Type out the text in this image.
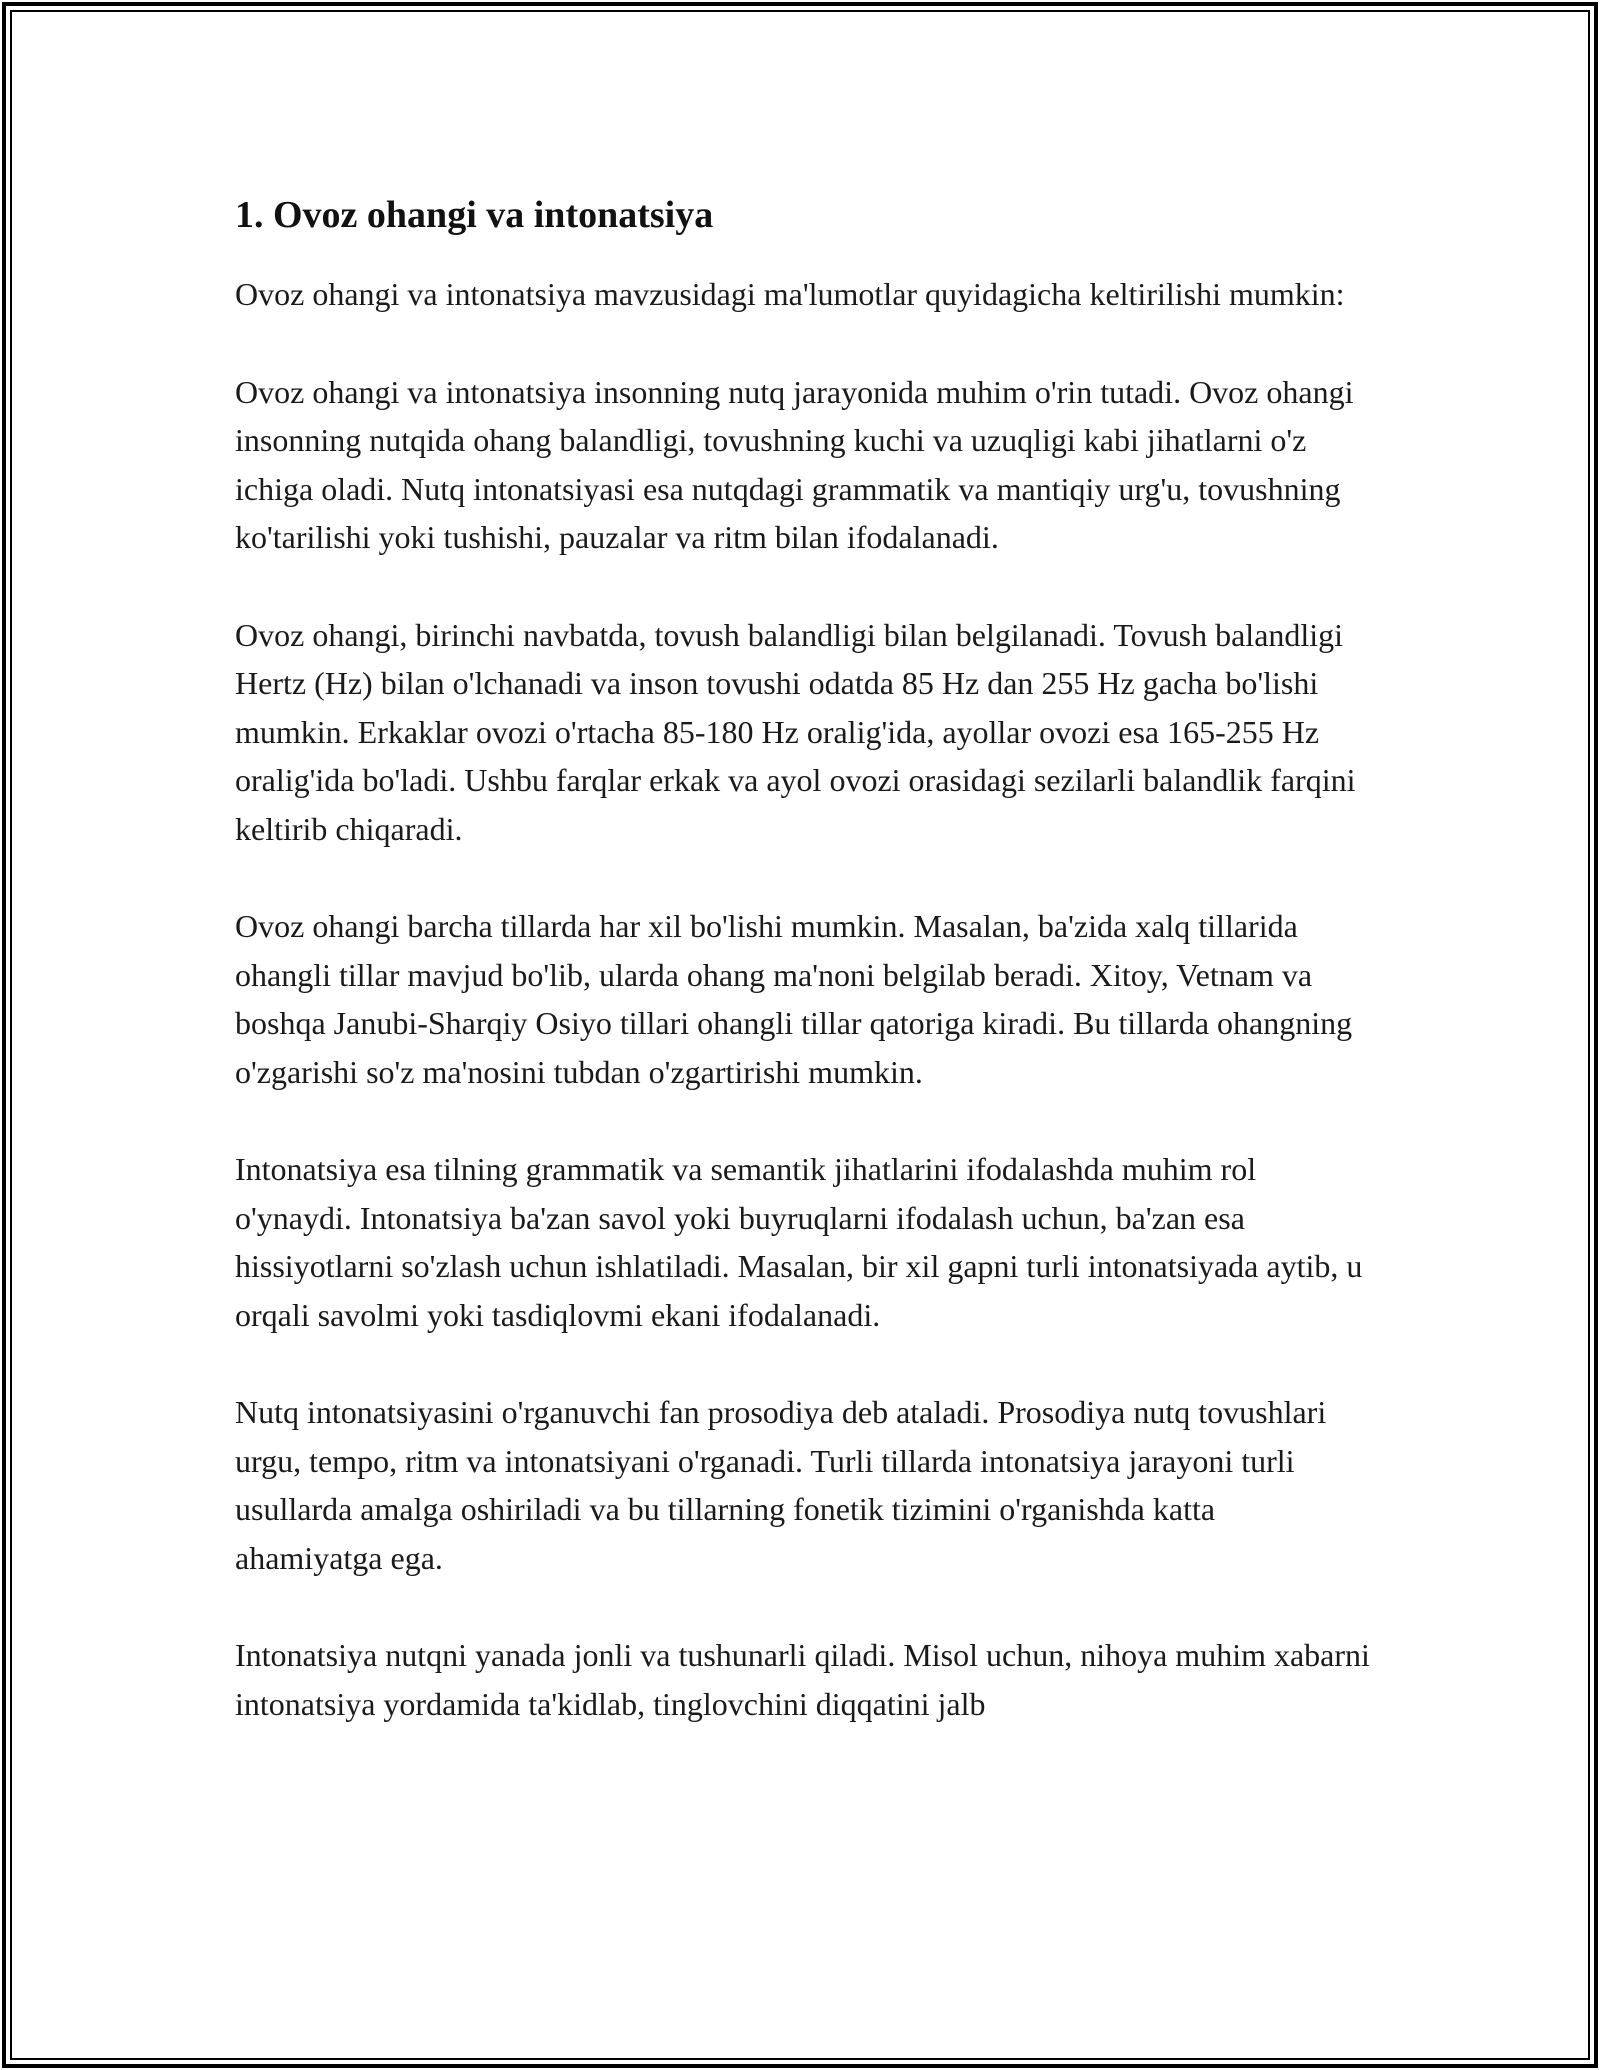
1. Ovoz ohangi va intonatsiya

Ovoz ohangi va intonatsiya mavzusidagi ma'lumotlar quyidagicha keltirilishi mumkin:

Ovoz ohangi va intonatsiya insonning nutq jarayonida muhim o'rin tutadi. Ovoz ohangi insonning nutqida ohang balandligi, tovushning kuchi va uzuqligi kabi jihatlarni o'z ichiga oladi. Nutq intonatsiyasi esa nutqdagi grammatik va mantiqiy urg'u, tovushning ko'tarilishi yoki tushishi, pauzalar va ritm bilan ifodalanadi.

Ovoz ohangi, birinchi navbatda, tovush balandligi bilan belgilanadi. Tovush balandligi Hertz (Hz) bilan o'lchanadi va inson tovushi odatda 85 Hz dan 255 Hz gacha bo'lishi mumkin. Erkaklar ovozi o'rtacha 85-180 Hz oralig'ida, ayollar ovozi esa 165-255 Hz oralig'ida bo'ladi. Ushbu farqlar erkak va ayol ovozi orasidagi sezilarli balandlik farqini keltirib chiqaradi.

Ovoz ohangi barcha tillarda har xil bo'lishi mumkin. Masalan, ba'zida xalq tillarida ohangli tillar mavjud bo'lib, ularda ohang ma'noni belgilab beradi. Xitoy, Vetnam va boshqa Janubi-Sharqiy Osiyo tillari ohangli tillar qatoriga kiradi. Bu tillarda ohangning o'zgarishi so'z ma'nosini tubdan o'zgartirishi mumkin.

Intonatsiya esa tilning grammatik va semantik jihatlarini ifodalashda muhim rol o'ynaydi. Intonatsiya ba'zan savol yoki buyruqlarni ifodalash uchun, ba'zan esa hissiyotlarni so'zlash uchun ishlatiladi. Masalan, bir xil gapni turli intonatsiyada aytib, u orqali savolmi yoki tasdiqlovmi ekani ifodalanadi.

Nutq intonatsiyasini o'rganuvchi fan prosodiya deb ataladi. Prosodiya nutq tovushlari urgu, tempo, ritm va intonatsiyani o'rganadi. Turli tillarda intonatsiya jarayoni turli usullarda amalga oshiriladi va bu tillarning fonetik tizimini o'rganishda katta ahamiyatga ega.

Intonatsiya nutqni yanada jonli va tushunarli qiladi. Misol uchun, nihoya muhim xabarni intonatsiya yordamida ta'kidlab, tinglovchini diqqatini jalb
